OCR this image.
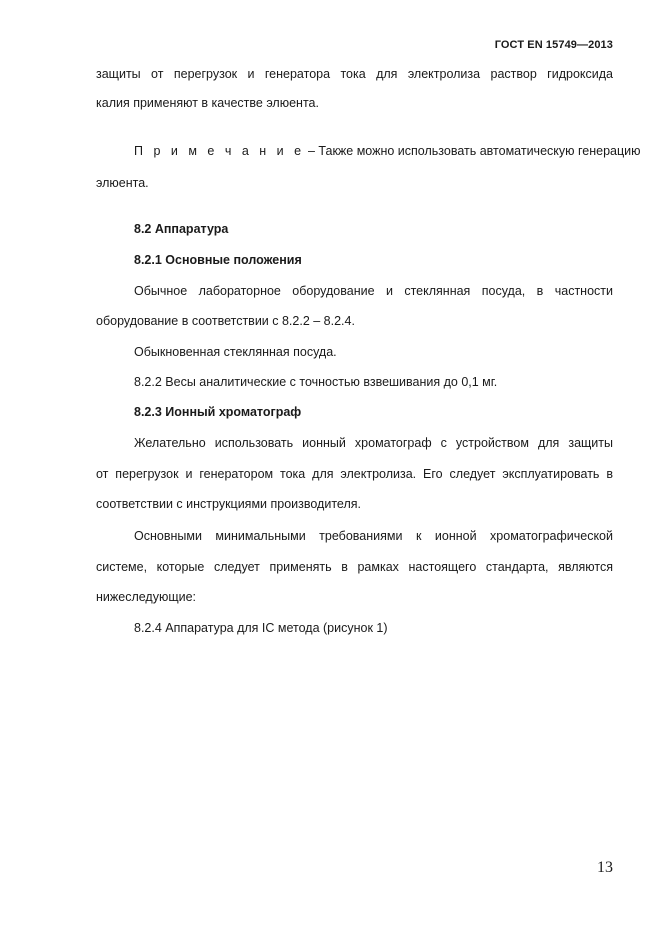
ГОСТ EN 15749—2013
защиты от перегрузок и генератора тока для электролиза раствор гидроксида
калия применяют в качестве элюента.
П р и м е ч а н и е – Также можно использовать автоматическую генерацию
элюента.
8.2 Аппаратура
8.2.1 Основные положения
Обычное лабораторное оборудование и стеклянная посуда, в частности
оборудование в соответствии с 8.2.2 – 8.2.4.
Обыкновенная стеклянная посуда.
8.2.2 Весы аналитические с точностью взвешивания до 0,1 мг.
8.2.3 Ионный хроматограф
Желательно использовать ионный хроматограф с устройством для защиты
от перегрузок и генератором тока для электролиза. Его следует эксплуатировать в
соответствии с инструкциями производителя.
Основными минимальными требованиями к ионной хроматографической
системе, которые следует применять в рамках настоящего стандарта, являются
нижеследующие:
8.2.4 Аппаратура для IC метода (рисунок 1)
13
